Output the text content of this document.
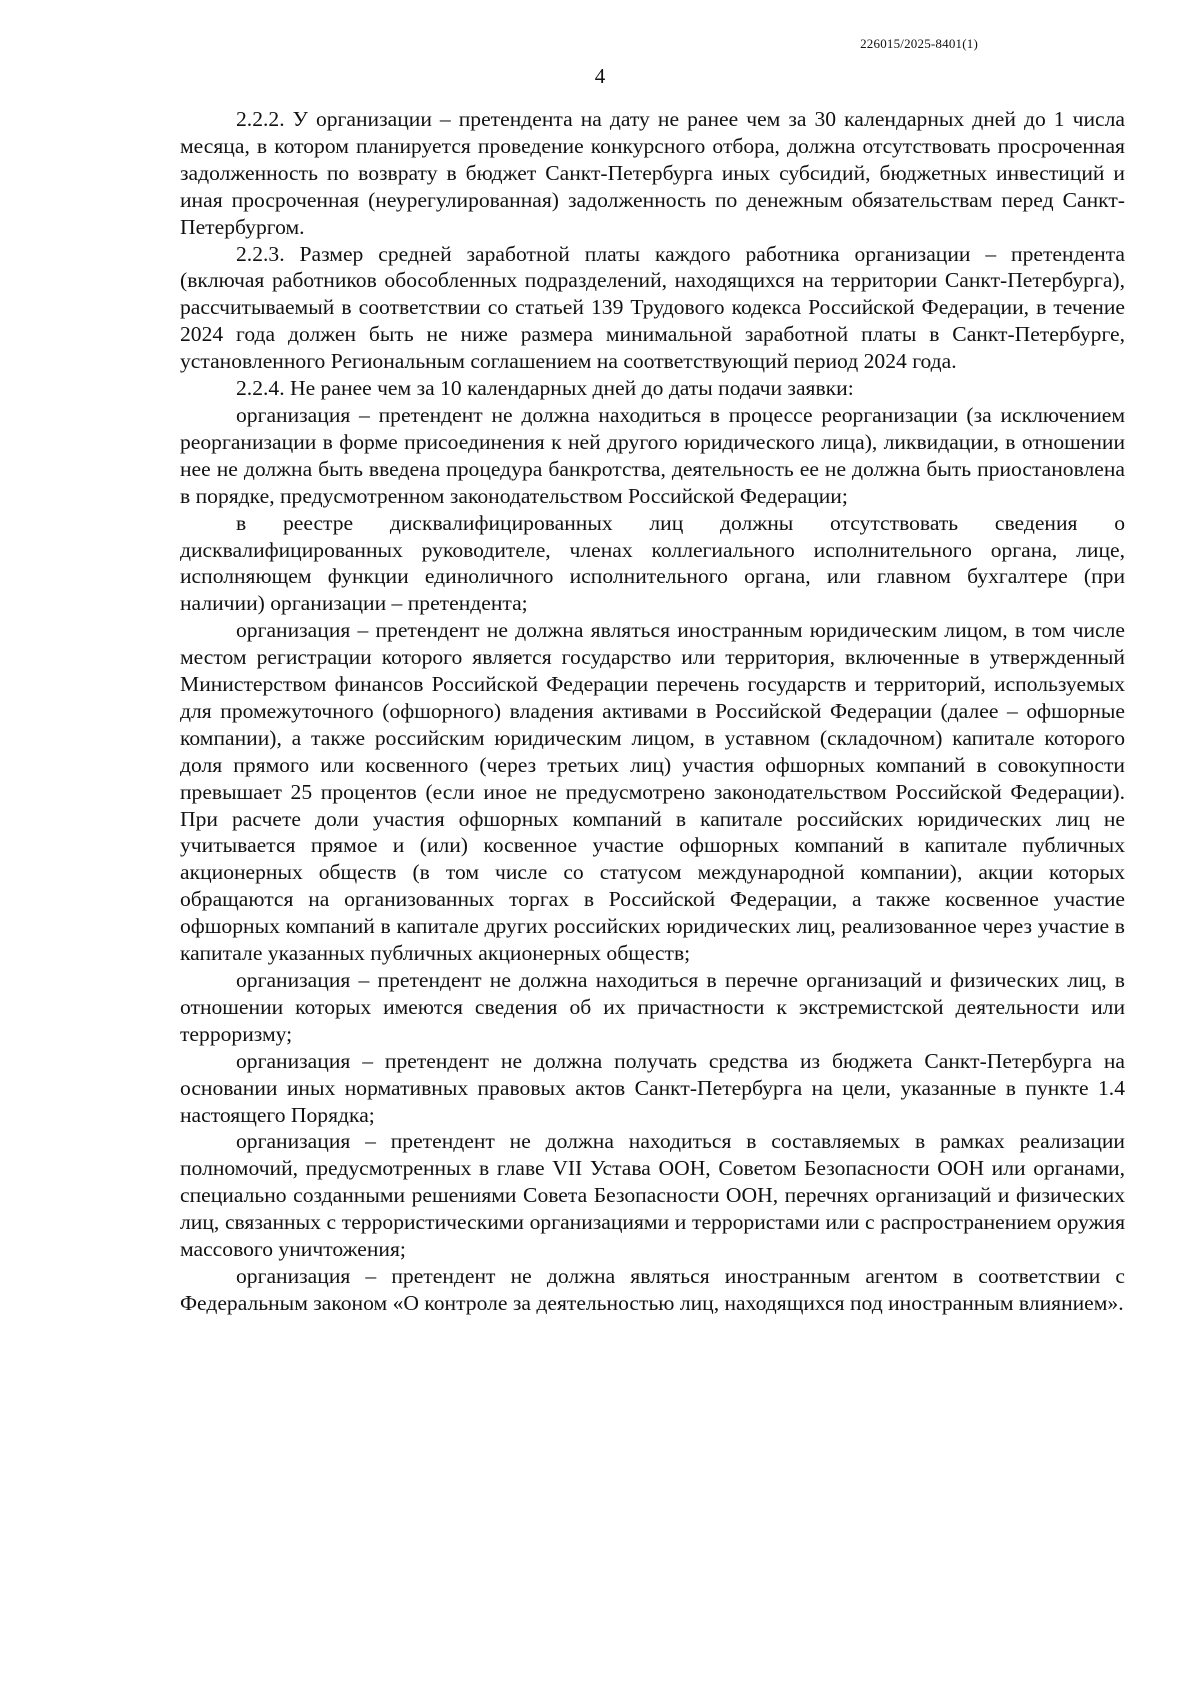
226015/2025-8401(1)
4

2.2.2. У организации – претендента на дату не ранее чем за 30 календарных дней до 1 числа месяца, в котором планируется проведение конкурсного отбора, должна отсутствовать просроченная задолженность по возврату в бюджет Санкт-Петербурга иных субсидий, бюджетных инвестиций и иная просроченная (неурегулированная) задолженность по денежным обязательствам перед Санкт-Петербургом.

2.2.3. Размер средней заработной платы каждого работника организации – претендента (включая работников обособленных подразделений, находящихся на территории Санкт-Петербурга), рассчитываемый в соответствии со статьей 139 Трудового кодекса Российской Федерации, в течение 2024 года должен быть не ниже размера минимальной заработной платы в Санкт-Петербурге, установленного Региональным соглашением на соответствующий период 2024 года.

2.2.4. Не ранее чем за 10 календарных дней до даты подачи заявки:

организация – претендент не должна находиться в процессе реорганизации (за исключением реорганизации в форме присоединения к ней другого юридического лица), ликвидации, в отношении нее не должна быть введена процедура банкротства, деятельность ее не должна быть приостановлена в порядке, предусмотренном законодательством Российской Федерации;

в реестре дисквалифицированных лиц должны отсутствовать сведения о дисквалифицированных руководителе, членах коллегиального исполнительного органа, лице, исполняющем функции единоличного исполнительного органа, или главном бухгалтере (при наличии) организации – претендента;

организация – претендент не должна являться иностранным юридическим лицом, в том числе местом регистрации которого является государство или территория, включенные в утвержденный Министерством финансов Российской Федерации перечень государств и территорий, используемых для промежуточного (офшорного) владения активами в Российской Федерации (далее – офшорные компании), а также российским юридическим лицом, в уставном (складочном) капитале которого доля прямого или косвенного (через третьих лиц) участия офшорных компаний в совокупности превышает 25 процентов (если иное не предусмотрено законодательством Российской Федерации). При расчете доли участия офшорных компаний в капитале российских юридических лиц не учитывается прямое и (или) косвенное участие офшорных компаний в капитале публичных акционерных обществ (в том числе со статусом международной компании), акции которых обращаются на организованных торгах в Российской Федерации, а также косвенное участие офшорных компаний в капитале других российских юридических лиц, реализованное через участие в капитале указанных публичных акционерных обществ;

организация – претендент не должна находиться в перечне организаций и физических лиц, в отношении которых имеются сведения об их причастности к экстремистской деятельности или терроризму;

организация – претендент не должна получать средства из бюджета Санкт-Петербурга на основании иных нормативных правовых актов Санкт-Петербурга на цели, указанные в пункте 1.4 настоящего Порядка;

организация – претендент не должна находиться в составляемых в рамках реализации полномочий, предусмотренных в главе VII Устава ООН, Советом Безопасности ООН или органами, специально созданными решениями Совета Безопасности ООН, перечнях организаций и физических лиц, связанных с террористическими организациями и террористами или с распространением оружия массового уничтожения;

организация – претендент не должна являться иностранным агентом в соответствии с Федеральным законом «О контроле за деятельностью лиц, находящихся под иностранным влиянием».
